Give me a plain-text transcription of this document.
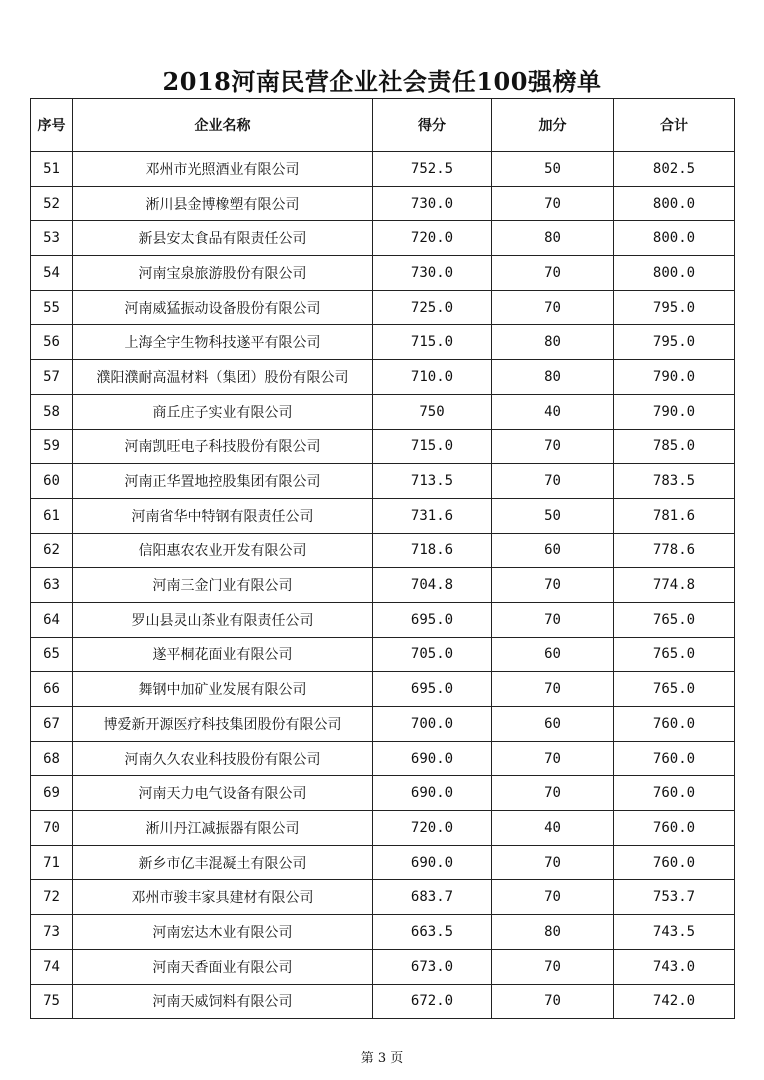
2018河南民营企业社会责任100强榜单
序号	企业名称	得分	加分	合计
51	邓州市光照酒业有限公司	752.5	50	802.5
52	淅川县金博橡塑有限公司	730.0	70	800.0
53	新县安太食品有限责任公司	720.0	80	800.0
54	河南宝泉旅游股份有限公司	730.0	70	800.0
55	河南威猛振动设备股份有限公司	725.0	70	795.0
56	上海全宇生物科技遂平有限公司	715.0	80	795.0
57	濮阳濮耐高温材料（集团）股份有限公司	710.0	80	790.0
58	商丘庄子实业有限公司	750	40	790.0
59	河南凯旺电子科技股份有限公司	715.0	70	785.0
60	河南正华置地控股集团有限公司	713.5	70	783.5
61	河南省华中特钢有限责任公司	731.6	50	781.6
62	信阳惠农农业开发有限公司	718.6	60	778.6
63	河南三金门业有限公司	704.8	70	774.8
64	罗山县灵山茶业有限责任公司	695.0	70	765.0
65	遂平桐花面业有限公司	705.0	60	765.0
66	舞钢中加矿业发展有限公司	695.0	70	765.0
67	博爱新开源医疗科技集团股份有限公司	700.0	60	760.0
68	河南久久农业科技股份有限公司	690.0	70	760.0
69	河南天力电气设备有限公司	690.0	70	760.0
70	淅川丹江减振器有限公司	720.0	40	760.0
71	新乡市亿丰混凝土有限公司	690.0	70	760.0
72	邓州市骏丰家具建材有限公司	683.7	70	753.7
73	河南宏达木业有限公司	663.5	80	743.5
74	河南天香面业有限公司	673.0	70	743.0
75	河南天威饲料有限公司	672.0	70	742.0
第 3 页
